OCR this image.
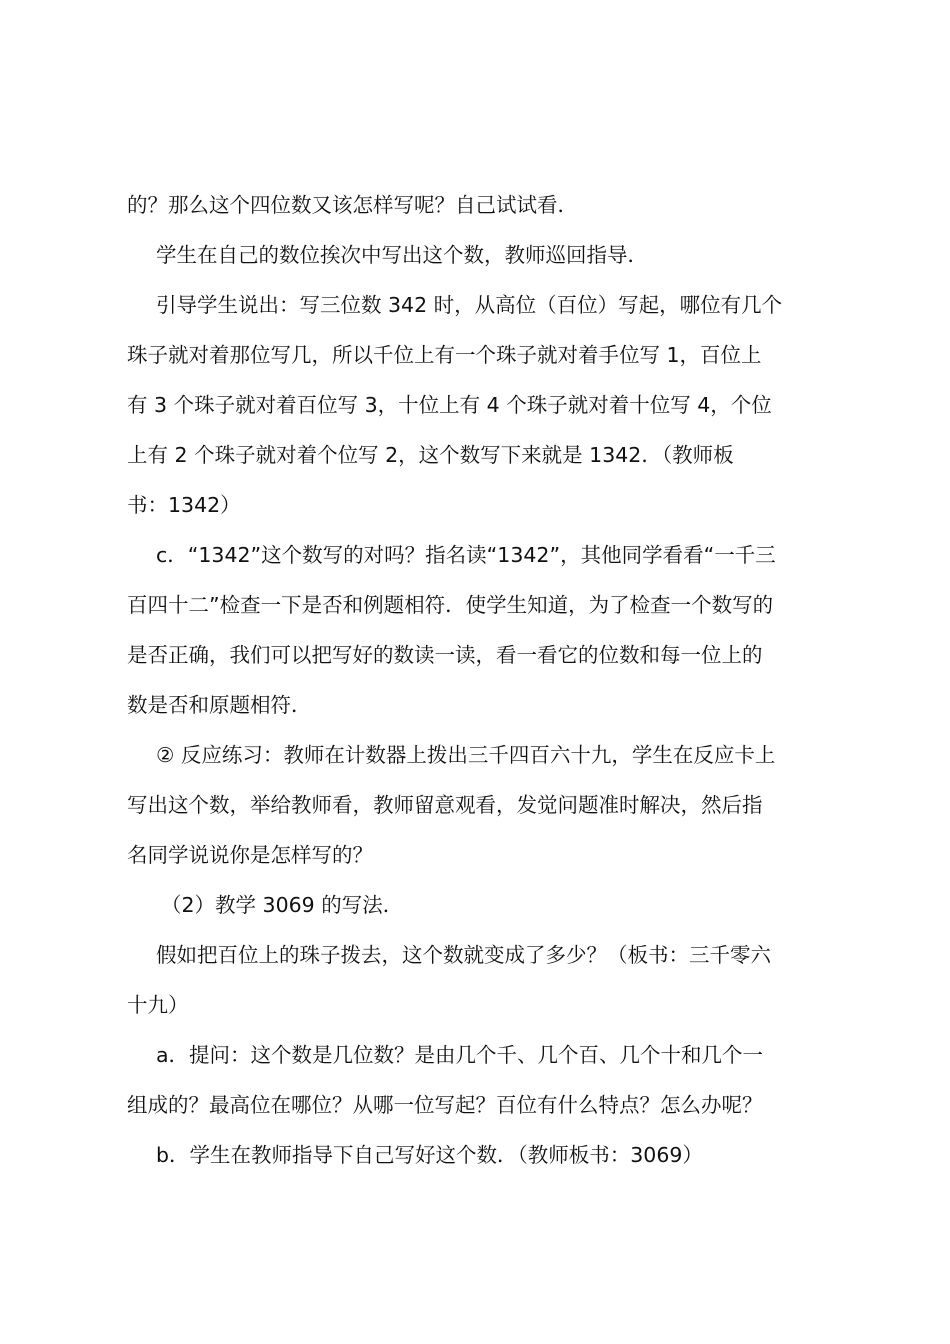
的？那么这个四位数又该怎样写呢？自己试试看．

学生在自己的数位挨次中写出这个数，教师巡回指导．

引导学生说出：写三位数 342 时，从高位（百位）写起，哪位有几个

珠子就对着那位写几，所以千位上有一个珠子就对着手位写 1，百位上

有 3 个珠子就对着百位写 3，十位上有 4 个珠子就对着十位写 4，个位

上有 2 个珠子就对着个位写 2，这个数写下来就是 1342．（教师板

书：1342）

c．“1342”这个数写的对吗？指名读“1342”，其他同学看看“一千三

百四十二”检查一下是否和例题相符．使学生知道，为了检查一个数写的

是否正确，我们可以把写好的数读一读，看一看它的位数和每一位上的

数是否和原题相符．

② 反应练习：教师在计数器上拨出三千四百六十九，学生在反应卡上

写出这个数，举给教师看，教师留意观看，发觉问题准时解决，然后指

名同学说说你是怎样写的？

（2）教学 3069 的写法．

假如把百位上的珠子拨去，这个数就变成了多少？（板书：三千零六

十九）

a．提问：这个数是几位数？是由几个千、几个百、几个十和几个一

组成的？最高位在哪位？从哪一位写起？百位有什么特点？怎么办呢？

b．学生在教师指导下自己写好这个数．（教师板书：3069）
